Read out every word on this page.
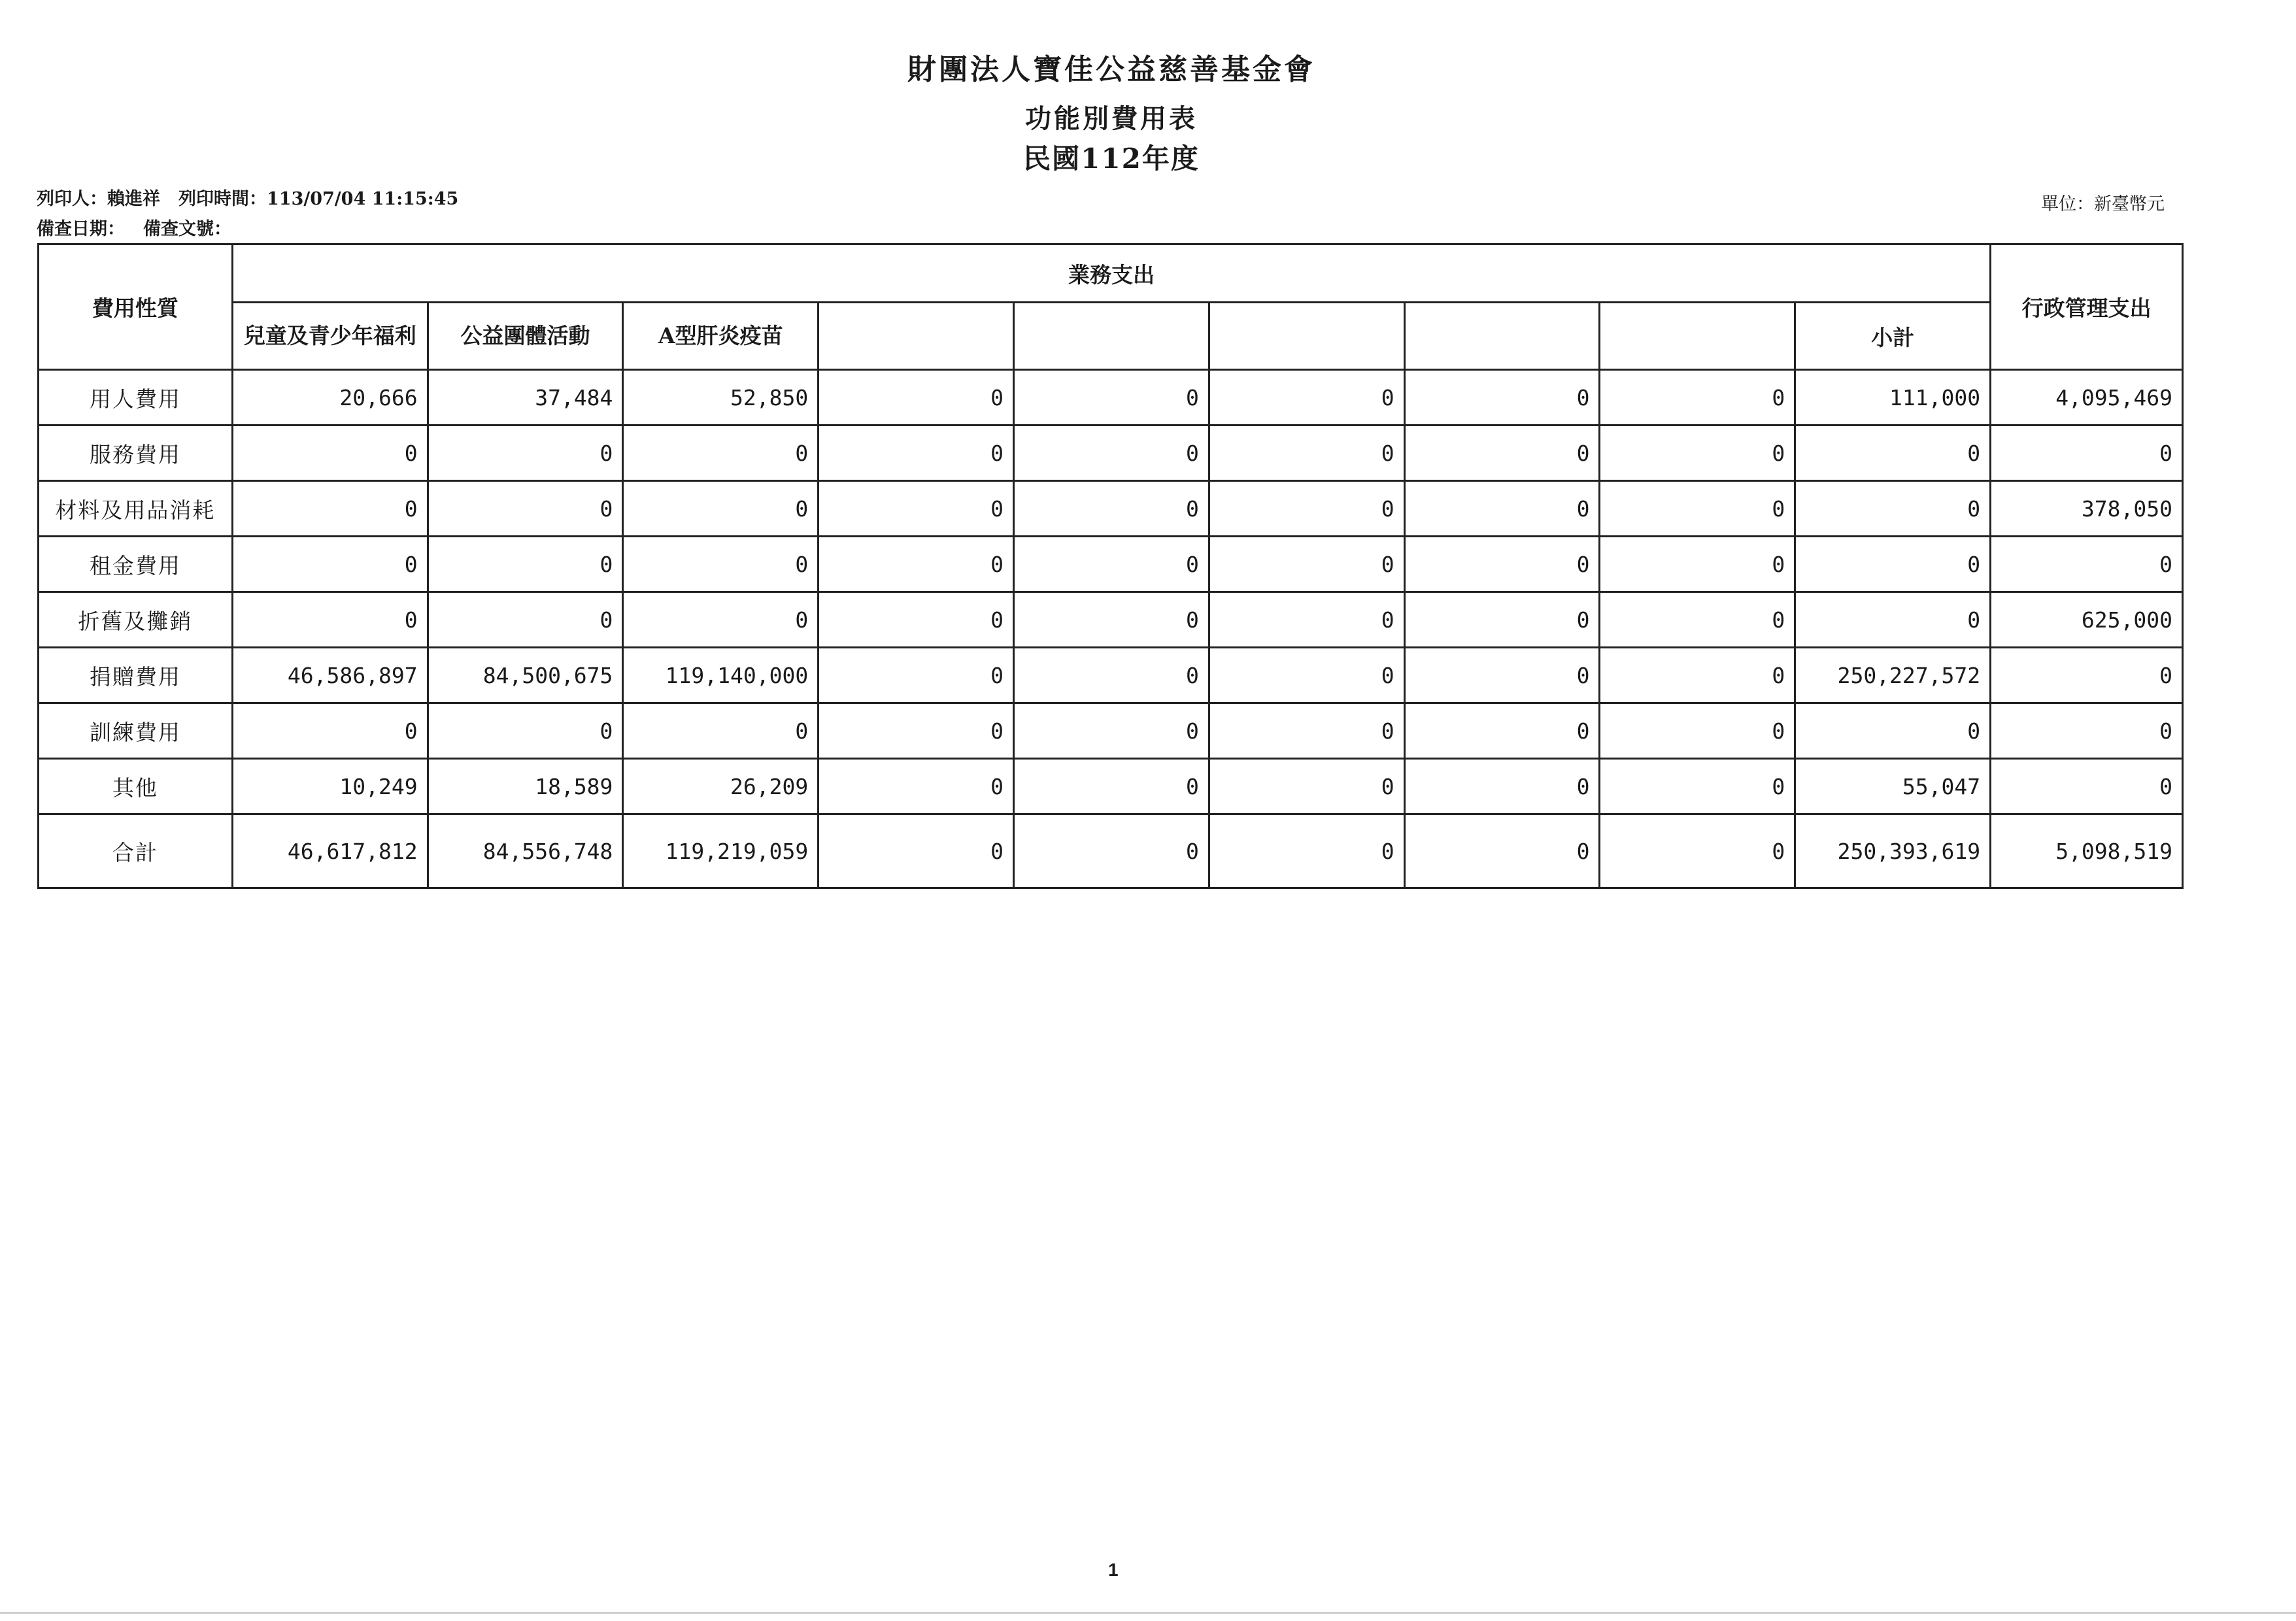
財團法人寶佳公益慈善基金會
功能別費用表
民國112年度
列印人：賴進祥 列印時間：113/07/04 11:15:45
備查日期： 備查文號：
單位：新臺幣元
費用性質	業務支出									行政管理支出
	兒童及青少年福利	公益團體活動	A型肝炎疫苗						小計	
用人費用	20,666	37,484	52,850	0	0	0	0	0	111,000	4,095,469
服務費用	0	0	0	0	0	0	0	0	0	0
材料及用品消耗	0	0	0	0	0	0	0	0	0	378,050
租金費用	0	0	0	0	0	0	0	0	0	0
折舊及攤銷	0	0	0	0	0	0	0	0	0	625,000
捐贈費用	46,586,897	84,500,675	119,140,000	0	0	0	0	0	250,227,572	0
訓練費用	0	0	0	0	0	0	0	0	0	0
其他	10,249	18,589	26,209	0	0	0	0	0	55,047	0
合計	46,617,812	84,556,748	119,219,059	0	0	0	0	0	250,393,619	5,098,519
1
